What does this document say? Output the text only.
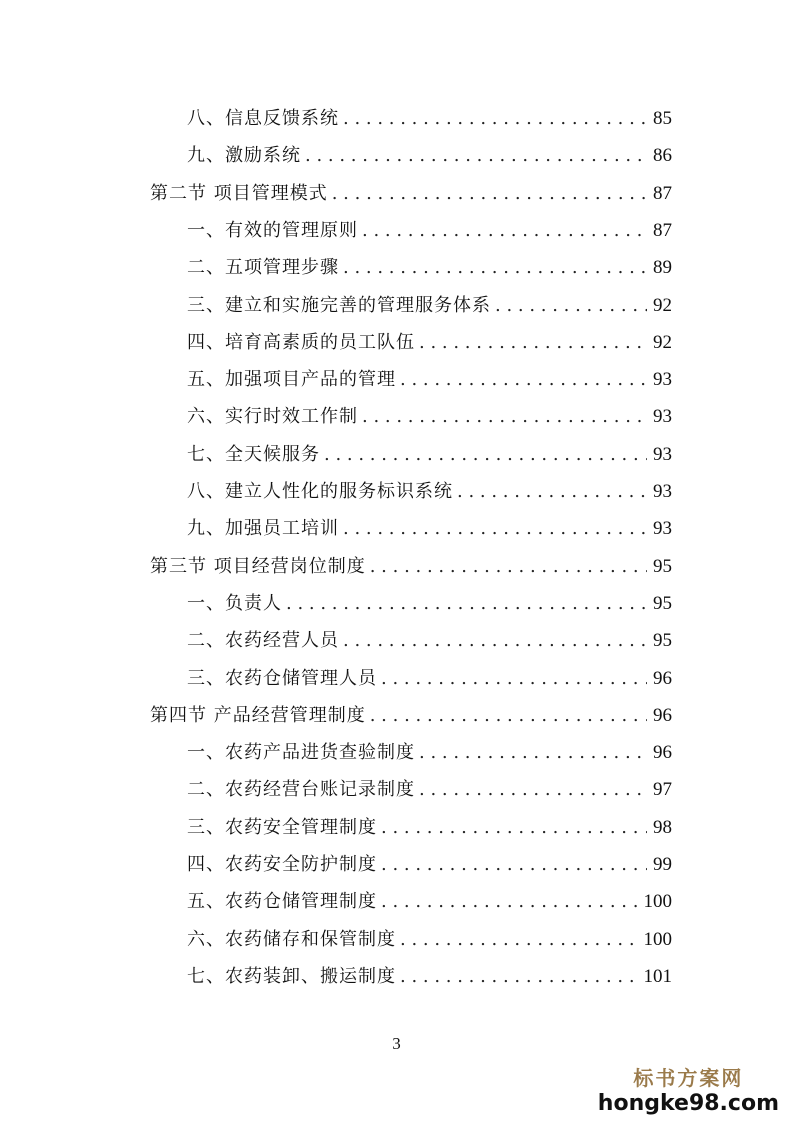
八、信息反馈系统 . . .	85
九、激励系统 . . .	86
第二节 项目管理模式 . . .	87
一、有效的管理原则 . . .	87
二、五项管理步骤 . . .	89
三、建立和实施完善的管理服务体系 . . .	92
四、培育高素质的员工队伍 . . .	92
五、加强项目产品的管理 . . .	93
六、实行时效工作制 . . .	93
七、全天候服务 . . .	93
八、建立人性化的服务标识系统 . . .	93
九、加强员工培训 . . .	93
第三节 项目经营岗位制度 . . .	95
一、负责人 . . .	95
二、农药经营人员 . . .	95
三、农药仓储管理人员 . . .	96
第四节 产品经营管理制度 . . .	96
一、农药产品进货查验制度 . . .	96
二、农药经营台账记录制度 . . .	97
三、农药安全管理制度 . . .	98
四、农药安全防护制度 . . .	99
五、农药仓储管理制度 . . .	100
六、农药储存和保管制度 . . .	100
七、农药装卸、搬运制度 . . .	101
3
标书方案网
hongke98.com
